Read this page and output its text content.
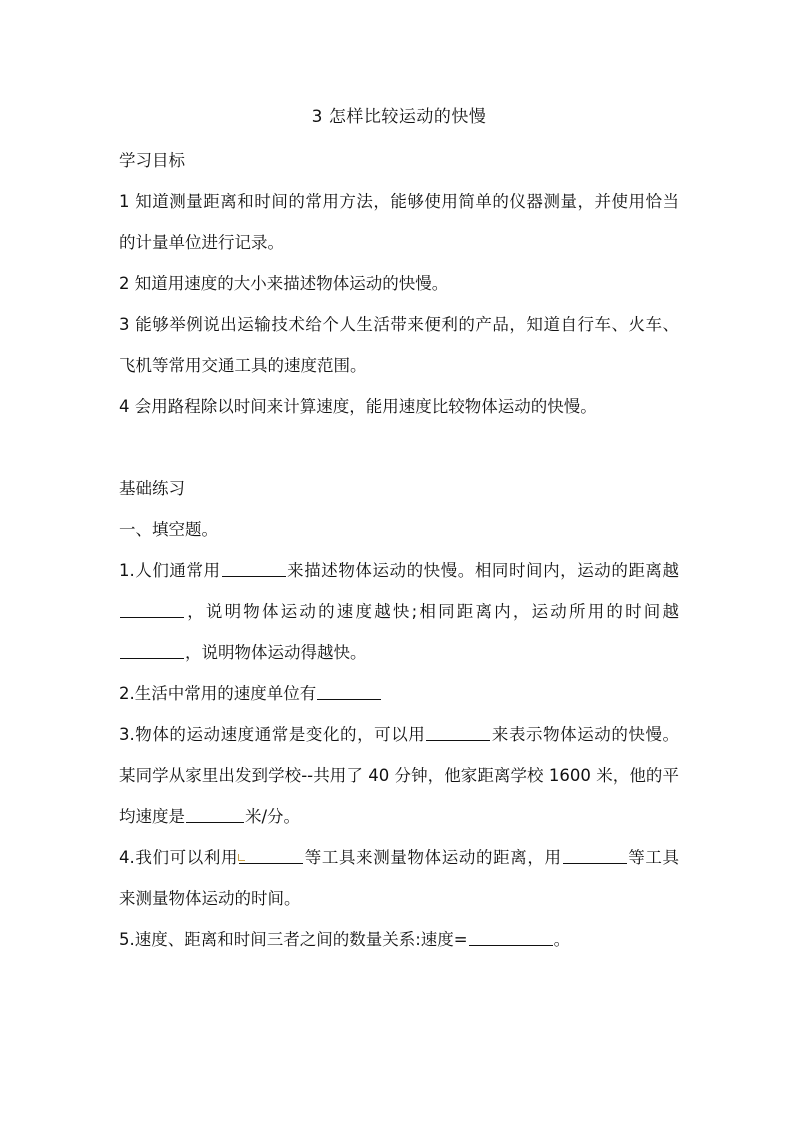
3 怎样比较运动的快慢

学习目标

1 知道测量距离和时间的常用方法，能够使用简单的仪器测量，并使用恰当的计量单位进行记录。

2 知道用速度的大小来描述物体运动的快慢。

3 能够举例说出运输技术给个人生活带来便利的产品，知道自行车、火车、飞机等常用交通工具的速度范围。

4 会用路程除以时间来计算速度，能用速度比较物体运动的快慢。

基础练习

一、填空题。

1.人们通常用	来描述物体运动的快慢。相同时间内，运动的距离越，说明物体运动的速度越快;相同距离内，运动所用的时间越，说明物体运动得越快。

2.生活中常用的速度单位有

3.物体的运动速度通常是变化的，可以用	来表示物体运动的快慢。某同学从家里出发到学校--共用了 40 分钟，他家距离学校 1600 米，他的平均速度是	米/分。

4.我们可以利用	等工具来测量物体运动的距离，用	等工具来测量物体运动的时间。

5.速度、距离和时间三者之间的数量关系:速度=	。
